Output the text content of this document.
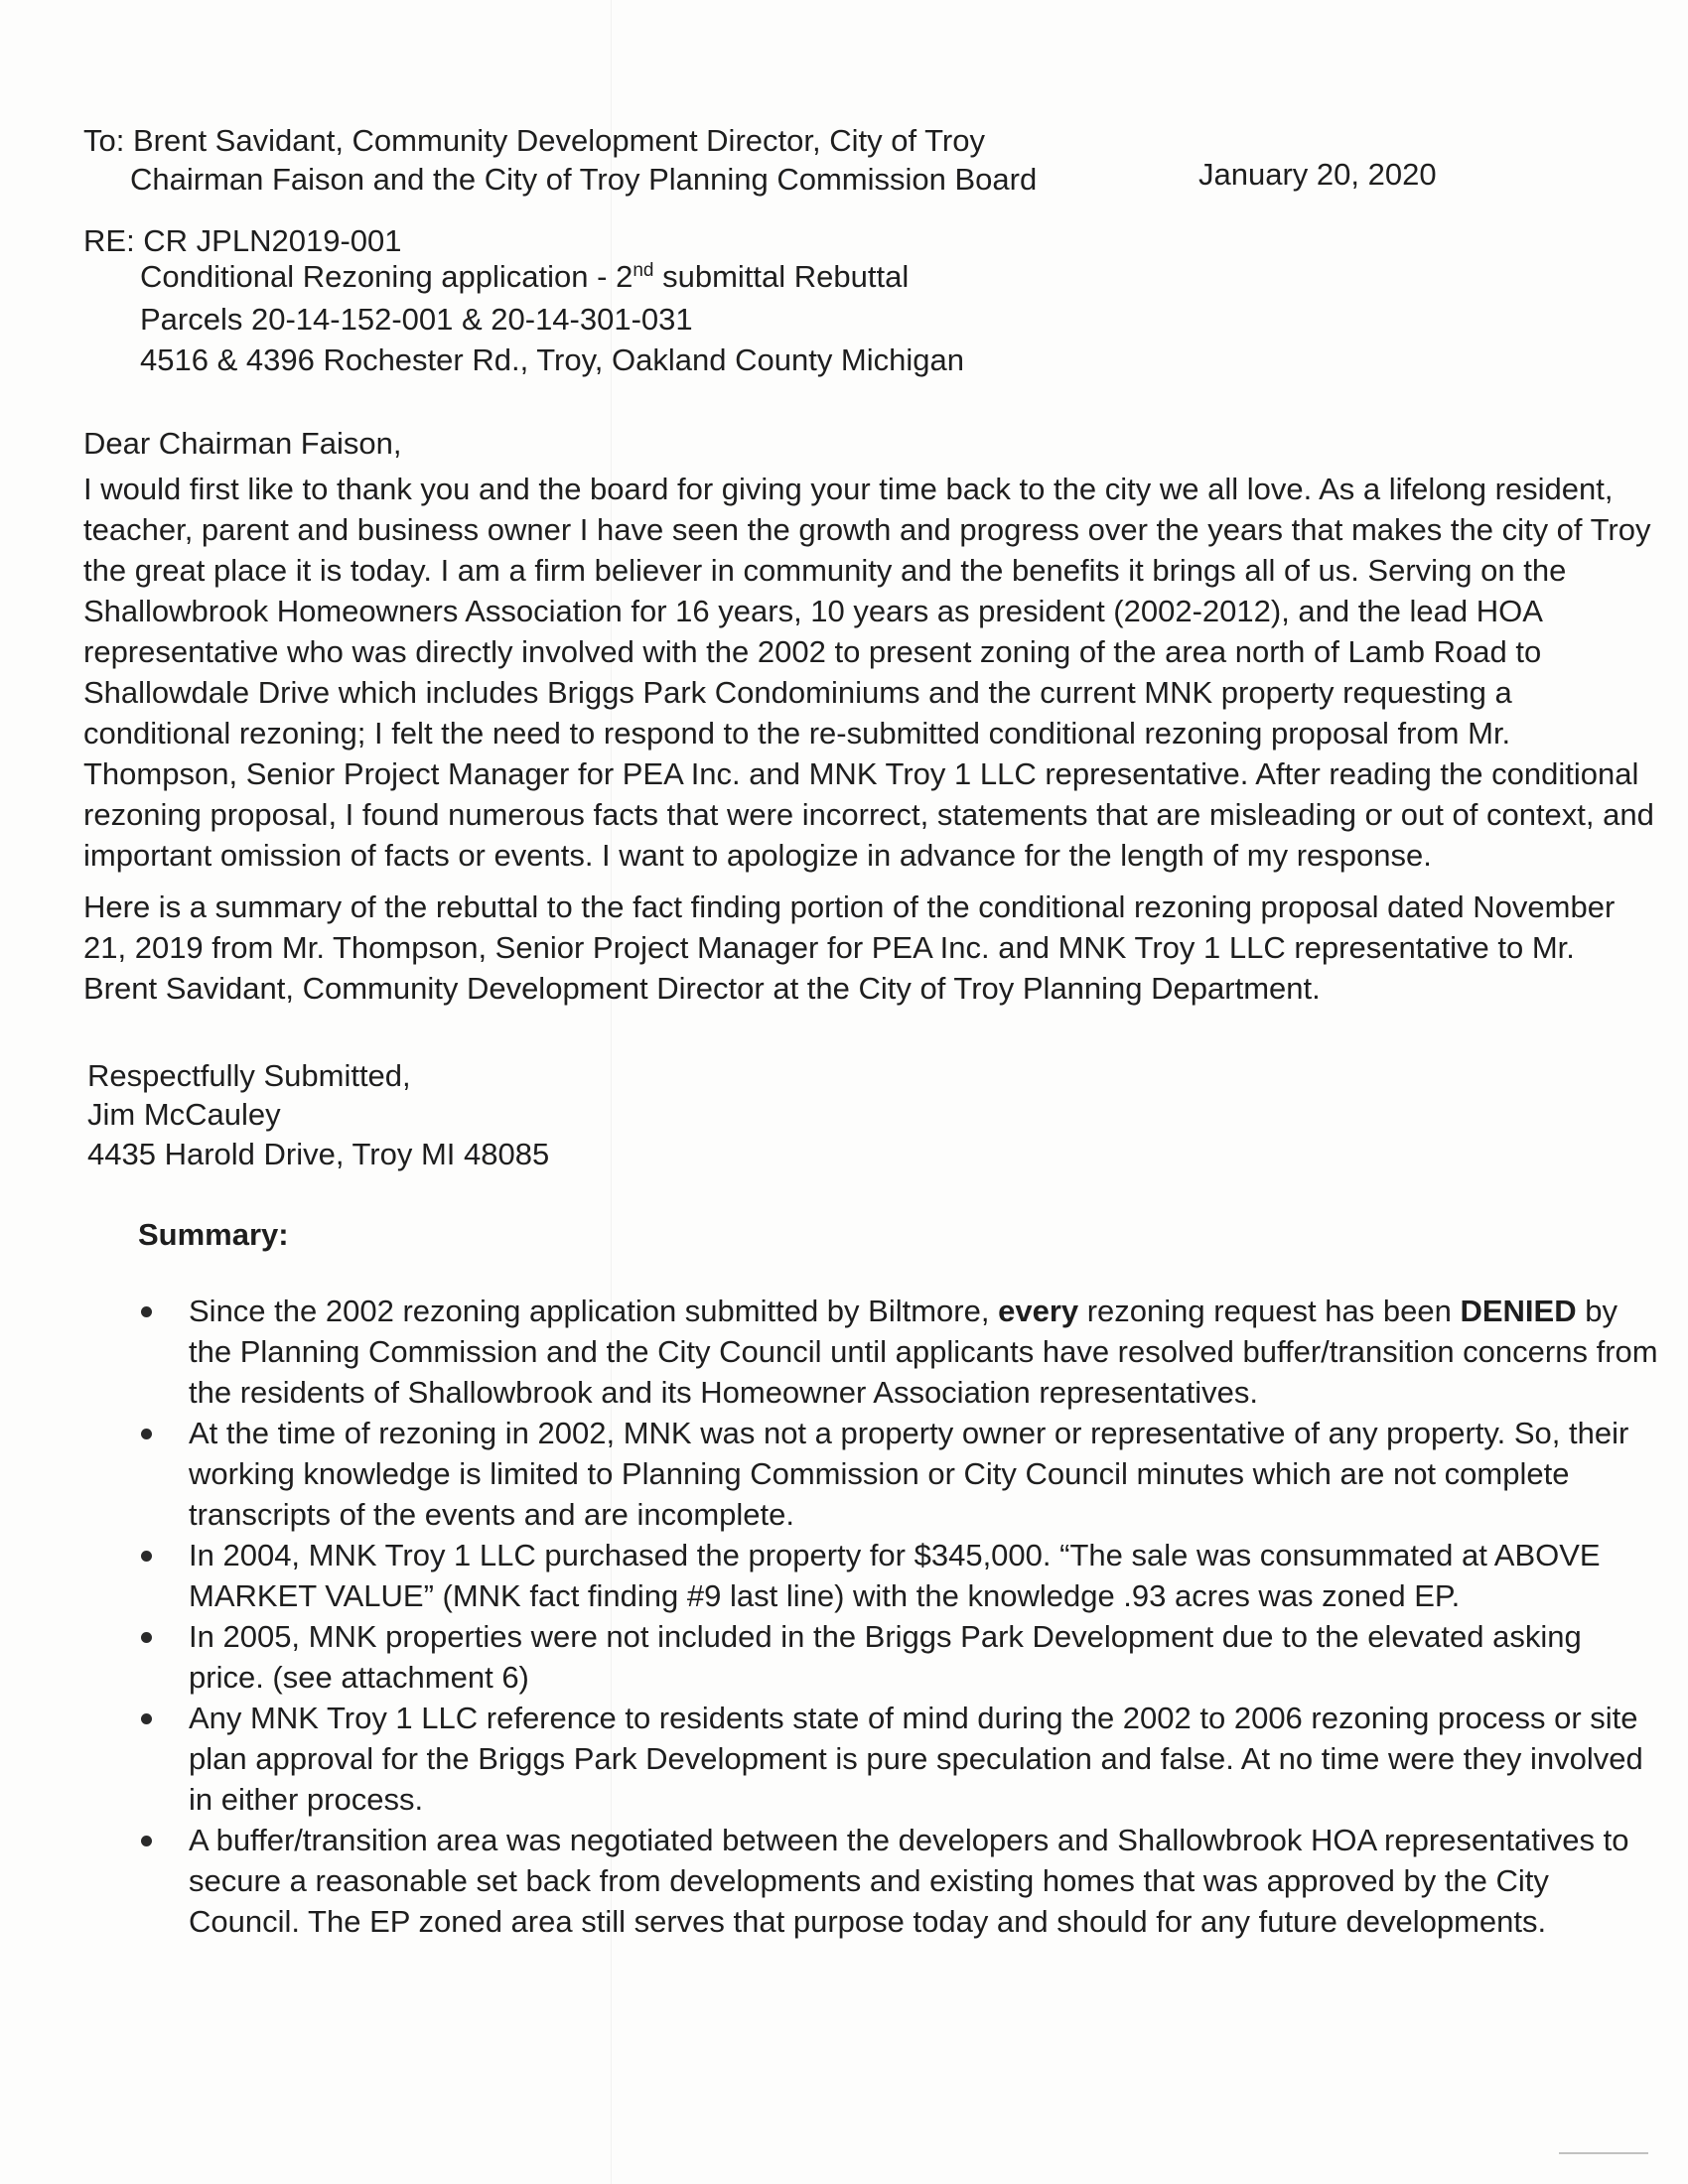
To: Brent Savidant, Community Development Director, City of Troy
Chairman Faison and the City of Troy Planning Commission Board	January 20, 2020
RE: CR JPLN2019-001
Conditional Rezoning application - 2nd submittal Rebuttal
Parcels 20-14-152-001 & 20-14-301-031
4516 & 4396 Rochester Rd., Troy, Oakland County Michigan
Dear Chairman Faison,
I would first like to thank you and the board for giving your time back to the city we all love. As a lifelong resident,
teacher, parent and business owner I have seen the growth and progress over the years that makes the city of Troy
the great place it is today. I am a firm believer in community and the benefits it brings all of us. Serving on the
Shallowbrook Homeowners Association for 16 years, 10 years as president (2002-2012), and the lead HOA
representative who was directly involved with the 2002 to present zoning of the area north of Lamb Road to
Shallowdale Drive which includes Briggs Park Condominiums and the current MNK property requesting a
conditional rezoning; I felt the need to respond to the re-submitted conditional rezoning proposal from Mr.
Thompson, Senior Project Manager for PEA Inc. and MNK Troy 1 LLC representative. After reading the conditional
rezoning proposal, I found numerous facts that were incorrect, statements that are misleading or out of context, and
important omission of facts or events. I want to apologize in advance for the length of my response.
Here is a summary of the rebuttal to the fact finding portion of the conditional rezoning proposal dated November
21, 2019 from Mr. Thompson, Senior Project Manager for PEA Inc. and MNK Troy 1 LLC representative to Mr.
Brent Savidant, Community Development Director at the City of Troy Planning Department.
Respectfully Submitted,
Jim McCauley
4435 Harold Drive, Troy MI 48085
Summary:
Since the 2002 rezoning application submitted by Biltmore, every rezoning request has been DENIED by
the Planning Commission and the City Council until applicants have resolved buffer/transition concerns from
the residents of Shallowbrook and its Homeowner Association representatives.
At the time of rezoning in 2002, MNK was not a property owner or representative of any property. So, their
working knowledge is limited to Planning Commission or City Council minutes which are not complete
transcripts of the events and are incomplete.
In 2004, MNK Troy 1 LLC purchased the property for $345,000. “The sale was consummated at ABOVE
MARKET VALUE” (MNK fact finding #9 last line) with the knowledge .93 acres was zoned EP.
In 2005, MNK properties were not included in the Briggs Park Development due to the elevated asking
price. (see attachment 6)
Any MNK Troy 1 LLC reference to residents state of mind during the 2002 to 2006 rezoning process or site
plan approval for the Briggs Park Development is pure speculation and false. At no time were they involved
in either process.
A buffer/transition area was negotiated between the developers and Shallowbrook HOA representatives to
secure a reasonable set back from developments and existing homes that was approved by the City
Council. The EP zoned area still serves that purpose today and should for any future developments.
